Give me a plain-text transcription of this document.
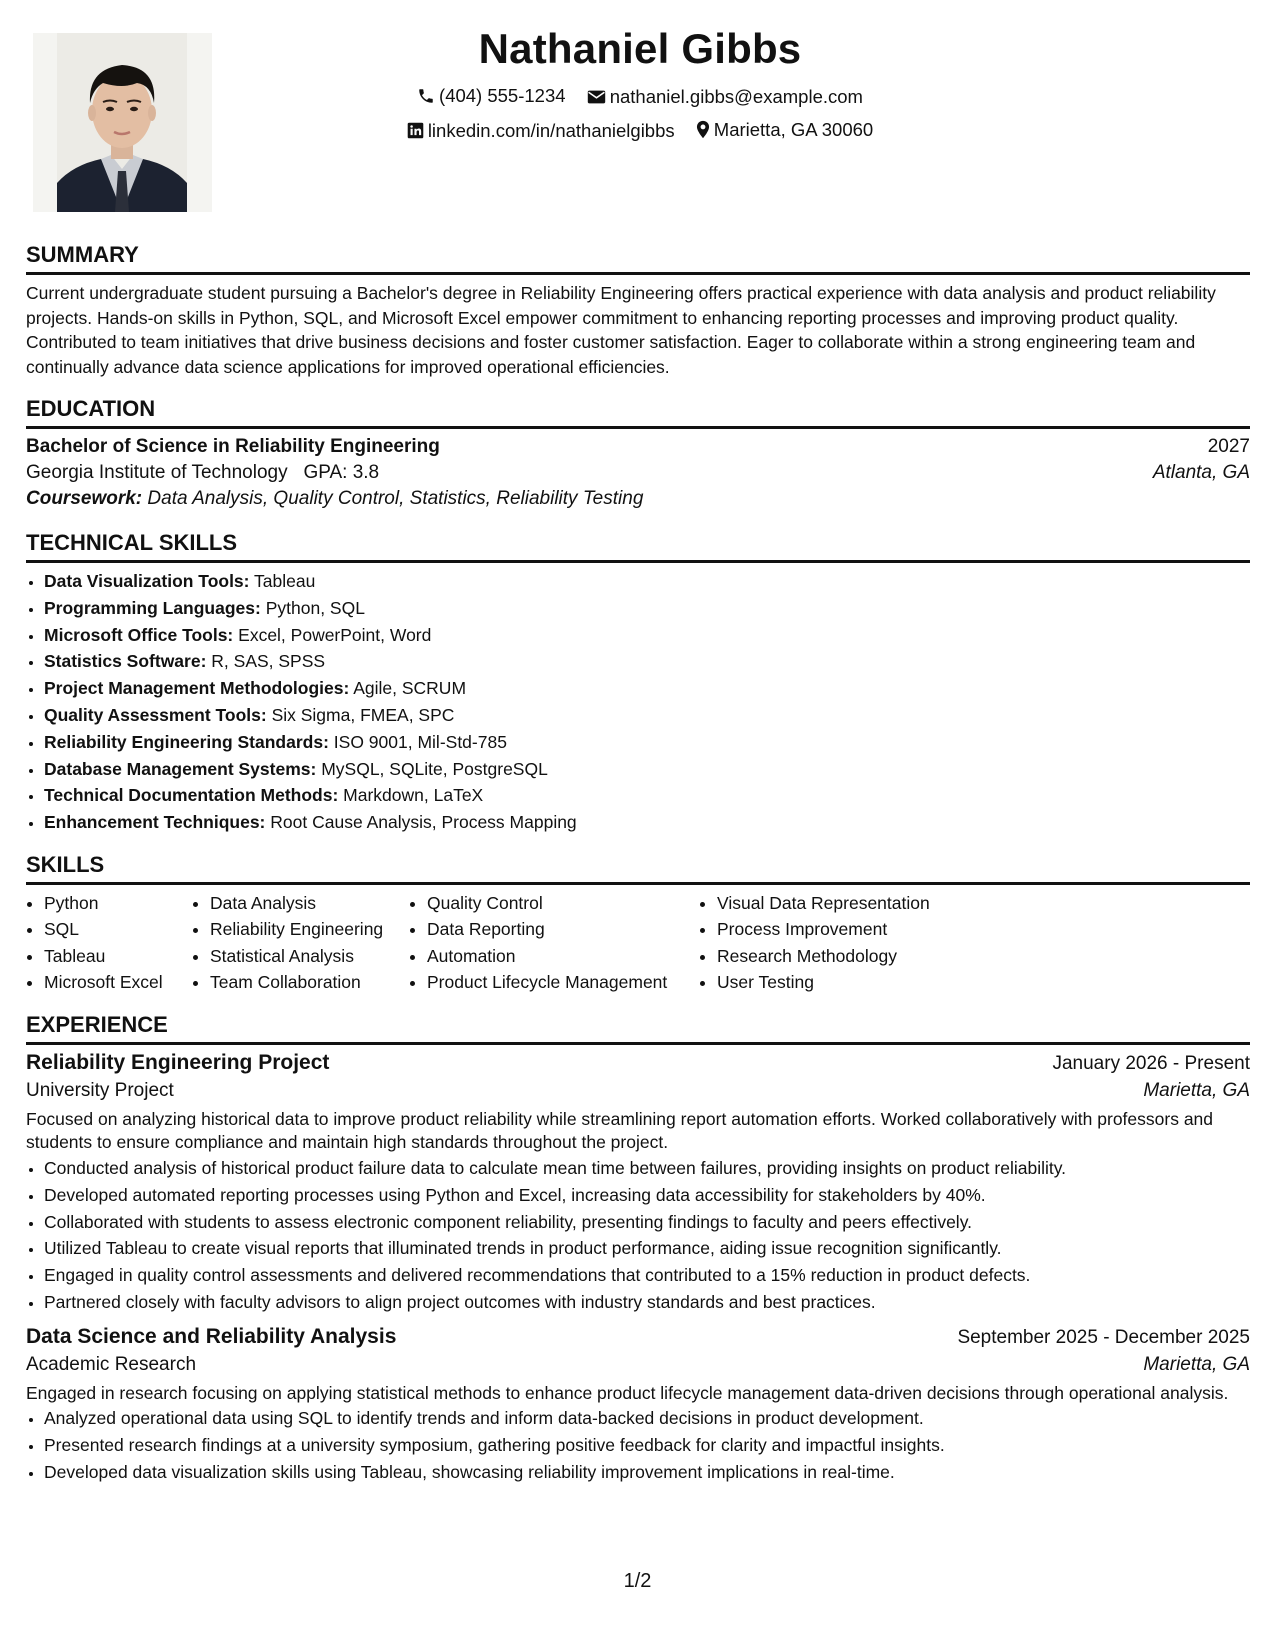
Nathaniel Gibbs
(404) 555-1234
nathaniel.gibbs@example.com
linkedin.com/in/nathanielgibbs
Marietta, GA 30060
SUMMARY

Current undergraduate student pursuing a Bachelor's degree in Reliability Engineering offers practical experience with data analysis and product reliability projects. Hands-on skills in Python, SQL, and Microsoft Excel empower commitment to enhancing reporting processes and improving product quality. Contributed to team initiatives that drive business decisions and foster customer satisfaction. Eager to collaborate within a strong engineering team and continually advance data science applications for improved operational efficiencies.

EDUCATION
Bachelor of Science in Reliability Engineering	2027
Georgia Institute of Technology GPA: 3.8	Atlanta, GA
Coursework: Data Analysis, Quality Control, Statistics, Reliability Testing
TECHNICAL SKILLS
• Data Visualization Tools: Tableau
• Programming Languages: Python, SQL
• Microsoft Office Tools: Excel, PowerPoint, Word
• Statistics Software: R, SAS, SPSS
• Project Management Methodologies: Agile, SCRUM
• Quality Assessment Tools: Six Sigma, FMEA, SPC
• Reliability Engineering Standards: ISO 9001, Mil-Std-785
• Database Management Systems: MySQL, SQLite, PostgreSQL
• Technical Documentation Methods: Markdown, LaTeX
• Enhancement Techniques: Root Cause Analysis, Process Mapping
SKILLS
• Python
• SQL
• Tableau
• Microsoft Excel
• Data Analysis
• Reliability Engineering
• Statistical Analysis
• Team Collaboration
• Quality Control
• Data Reporting
• Automation
• Product Lifecycle Management
• Visual Data Representation
• Process Improvement
• Research Methodology
• User Testing
EXPERIENCE
Reliability Engineering Project	January 2026 - Present
University Project	Marietta, GA

Focused on analyzing historical data to improve product reliability while streamlining report automation efforts. Worked collaboratively with professors and students to ensure compliance and maintain high standards throughout the project.

• Conducted analysis of historical product failure data to calculate mean time between failures, providing insights on product reliability.
• Developed automated reporting processes using Python and Excel, increasing data accessibility for stakeholders by 40%.
• Collaborated with students to assess electronic component reliability, presenting findings to faculty and peers effectively.
• Utilized Tableau to create visual reports that illuminated trends in product performance, aiding issue recognition significantly.
• Engaged in quality control assessments and delivered recommendations that contributed to a 15% reduction in product defects.
• Partnered closely with faculty advisors to align project outcomes with industry standards and best practices.
Data Science and Reliability Analysis	September 2025 - December 2025
Academic Research	Marietta, GA

Engaged in research focusing on applying statistical methods to enhance product lifecycle management data-driven decisions through operational analysis.

• Analyzed operational data using SQL to identify trends and inform data-backed decisions in product development.
• Presented research findings at a university symposium, gathering positive feedback for clarity and impactful insights.
• Developed data visualization skills using Tableau, showcasing reliability improvement implications in real-time.
1/2
